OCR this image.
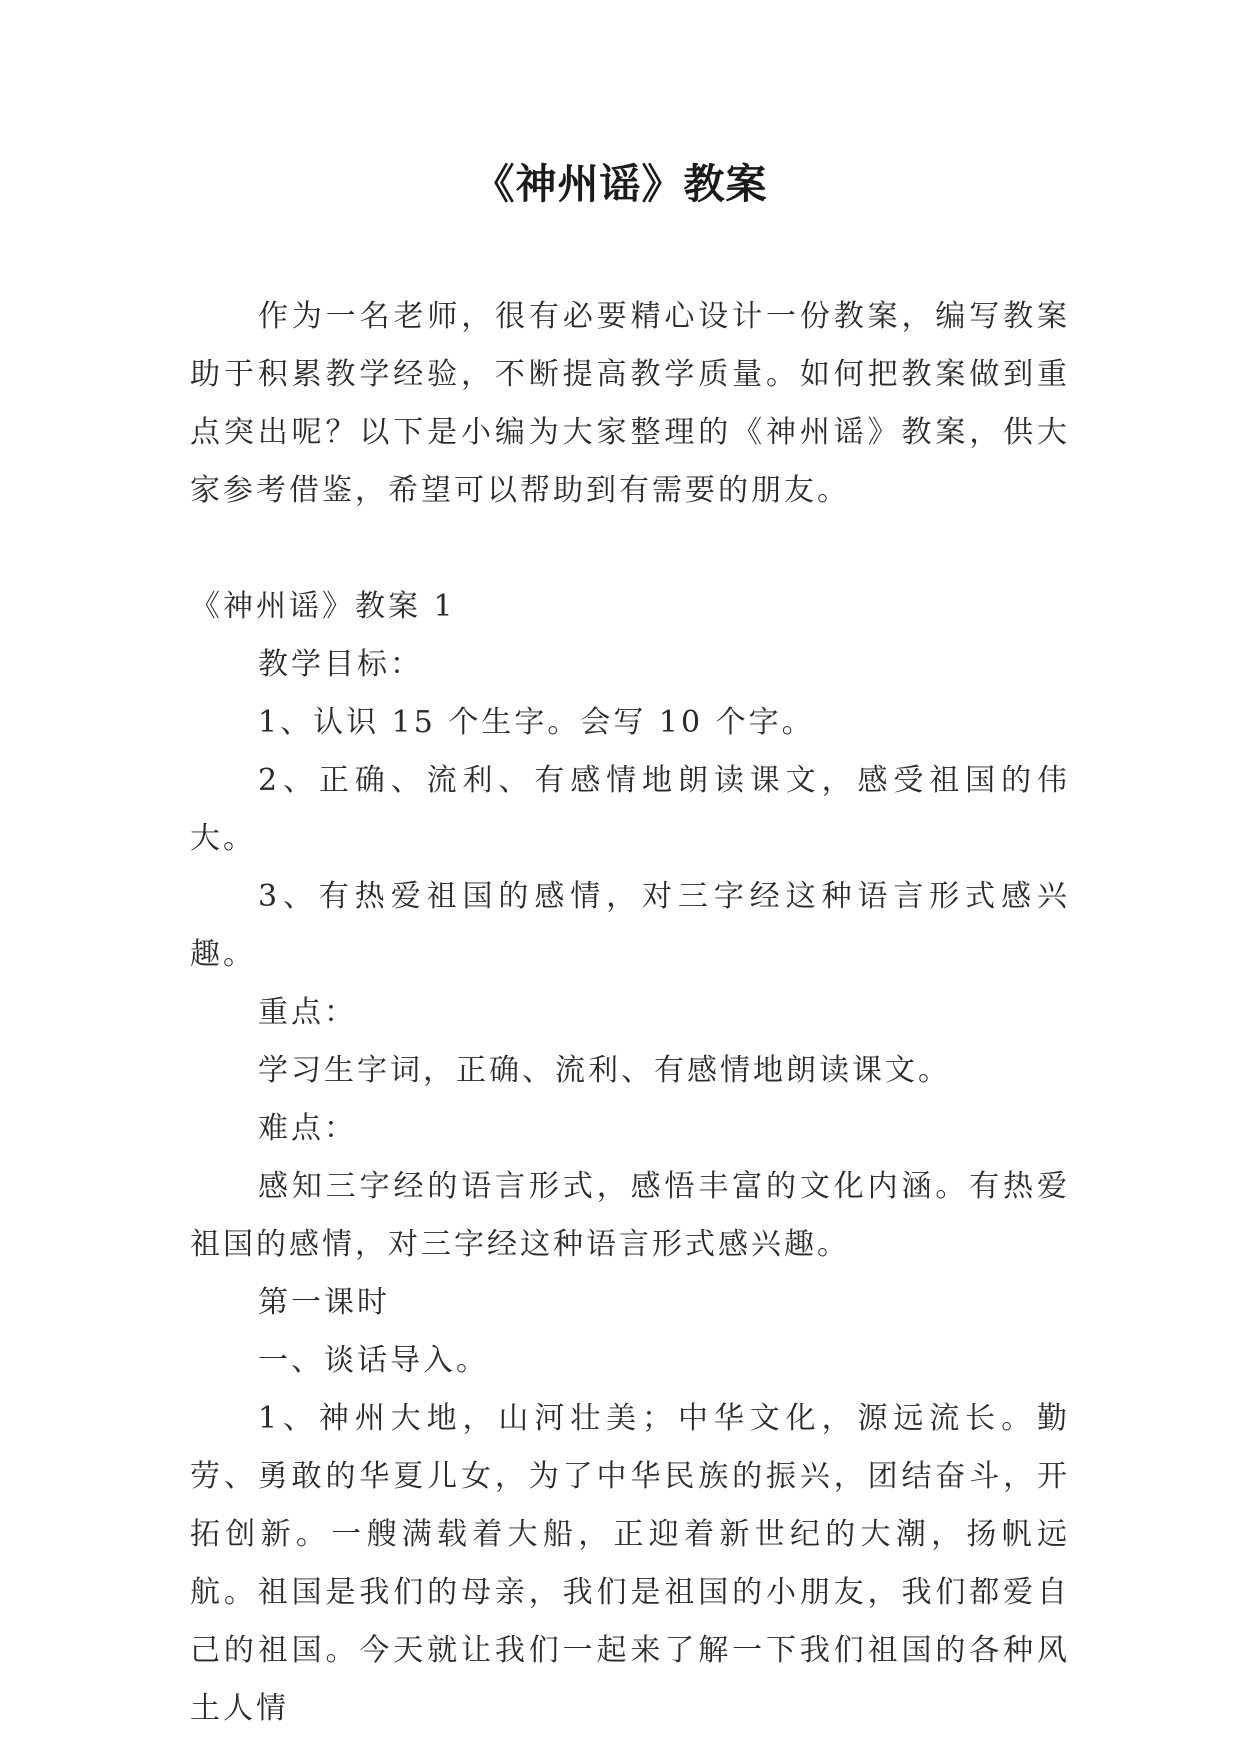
《神州谣》教案

作为一名老师，很有必要精心设计一份教案，编写教案助于积累教学经验，不断提高教学质量。如何把教案做到重点突出呢？以下是小编为大家整理的《神州谣》教案，供大家参考借鉴，希望可以帮助到有需要的朋友。

《神州谣》教案 1

教学目标：

1、认识 15 个生字。会写 10 个字。

2、正确、流利、有感情地朗读课文，感受祖国的伟大。

3、有热爱祖国的感情，对三字经这种语言形式感兴趣。

重点：

学习生字词，正确、流利、有感情地朗读课文。

难点：

感知三字经的语言形式，感悟丰富的文化内涵。有热爱祖国的感情，对三字经这种语言形式感兴趣。

第一课时

一、谈话导入。

1、神州大地，山河壮美；中华文化，源远流长。勤劳、勇敢的华夏儿女，为了中华民族的振兴，团结奋斗，开拓创新。一艘满载着大船，正迎着新世纪的大潮，扬帆远航。祖国是我们的母亲，我们是祖国的小朋友，我们都爱自己的祖国。今天就让我们一起来了解一下我们祖国的各种风土人情
